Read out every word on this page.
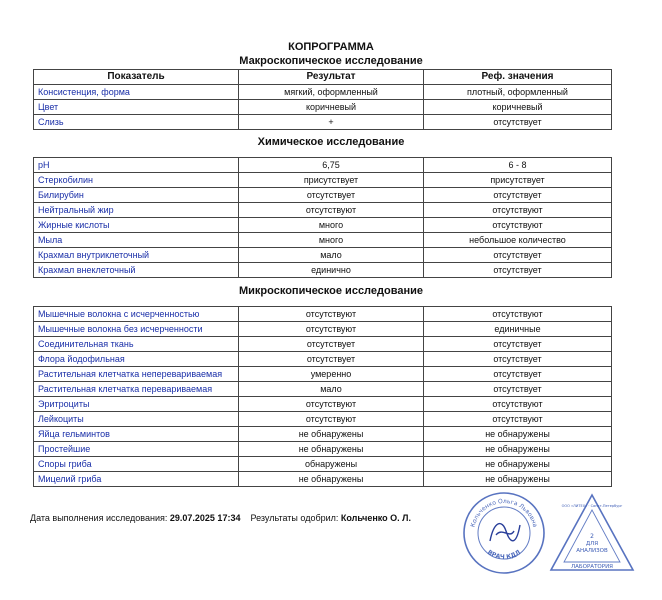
КОПРОГРАММА
Макроскопическое исследование
Показатель	Результат	Реф. значения
Консистенция, форма	мягкий, оформленный	плотный, оформленный
Цвет	коричневый	коричневый
Слизь	+	отсутствует
Химическое исследование
pH	6,75	6 - 8
Стеркобилин	присутствует	присутствует
Билирубин	отсутствует	отсутствует
Нейтральный жир	отсутствуют	отсутствуют
Жирные кислоты	много	отсутствуют
Мыла	много	небольшое количество
Крахмал внутриклеточный	мало	отсутствует
Крахмал внеклеточный	единично	отсутствует
Микроскопическое исследование
Мышечные волокна с исчерченностью	отсутствуют	отсутствуют
Мышечные волокна без исчерченности	отсутствуют	единичные
Соединительная ткань	отсутствует	отсутствует
Флора йодофильная	отсутствует	отсутствует
Растительная клетчатка неперевариваемая	умеренно	отсутствует
Растительная клетчатка перевариваемая	мало	отсутствует
Эритроциты	отсутствуют	отсутствуют
Лейкоциты	отсутствуют	отсутствуют
Яйца гельминтов	не обнаружены	не обнаружены
Простейшие	не обнаружены	не обнаружены
Споры гриба	обнаружены	не обнаружены
Мицелий гриба	не обнаружены	не обнаружены
Дата выполнения исследования: 29.07.2025 17:34 Результаты одобрил: Кольченко О. Л.
Кольченко Ольга Львовна
ВРАЧ КДЛ
2
ДЛЯ
АНАЛИЗОВ
ЛАБОРАТОРИЯ
ООО «ЛИТЕХ» · Санкт-Петербург
